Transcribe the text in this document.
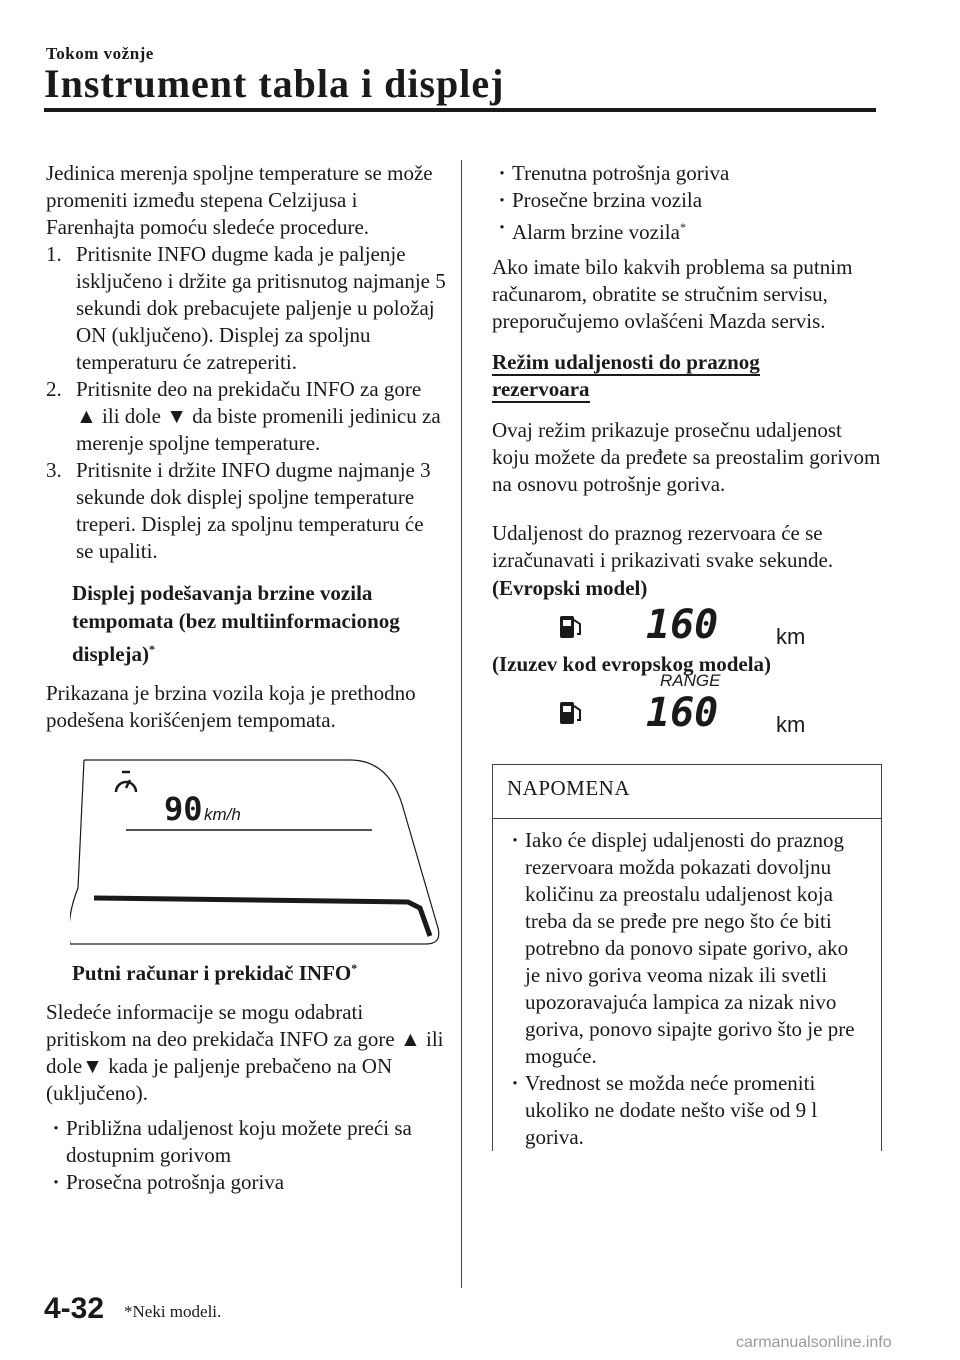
Tokom vožnje
Instrument tabla i displej

Jedinica merenja spoljne temperature se može promeniti između stepena Celzijusa i Farenhajta pomoću sledeće procedure.

1. Pritisnite INFO dugme kada je paljenje isključeno i držite ga pritisnutog najmanje 5 sekundi dok prebacujete paljenje u položaj ON (uključeno). Displej za spoljnu temperaturu će zatreperiti.
2. Pritisnite deo na prekidaču INFO za gore ▲ ili dole ▼ da biste promenili jedinicu za merenje spoljne temperature.
3. Pritisnite i držite INFO dugme najmanje 3 sekunde dok displej spoljne temperature treperi. Displej za spoljnu temperaturu će se upaliti.

Displej podešavanja brzine vozila tempomata (bez multiinformacionog displeja)*

Prikazana je brzina vozila koja je prethodno podešena korišćenjem tempomata.

90 km/h

Putni računar i prekidač INFO*

Sledeće informacije se mogu odabrati pritiskom na deo prekidača INFO za gore ▲ ili dole▼ kada je paljenje prebačeno na ON (uključeno).

· Približna udaljenost koju možete preći sa dostupnim gorivom
· Prosečna potrošnja goriva
· Trenutna potrošnja goriva
· Prosečne brzina vozila
· Alarm brzine vozila*

Ako imate bilo kakvih problema sa putnim računarom, obratite se stručnim servisu, preporučujemo ovlašćeni Mazda servis.

Režim udaljenosti do praznog
rezervoara

Ovaj režim prikazuje prosečnu udaljenost koju možete da pređete sa preostalim gorivom na osnovu potrošnje goriva.

Udaljenost do praznog rezervoara će se izračunavati i prikazivati svake sekunde.

(Evropski model)

160	km

(Izuzev kod evropskog modela)

RANGE
160	km
NAPOMENA
· Iako će displej udaljenosti do praznog rezervoara možda pokazati dovoljnu količinu za preostalu udaljenost koja treba da se pređe pre nego što će biti potrebno da ponovo sipate gorivo, ako je nivo goriva veoma nizak ili svetli upozoravajuća lampica za nizak nivo goriva, ponovo sipajte gorivo što je pre moguće.
· Vrednost se možda neće promeniti ukoliko ne dodate nešto više od 9 l goriva.
4-32 *Neki modeli.
carmanualsonline.info
